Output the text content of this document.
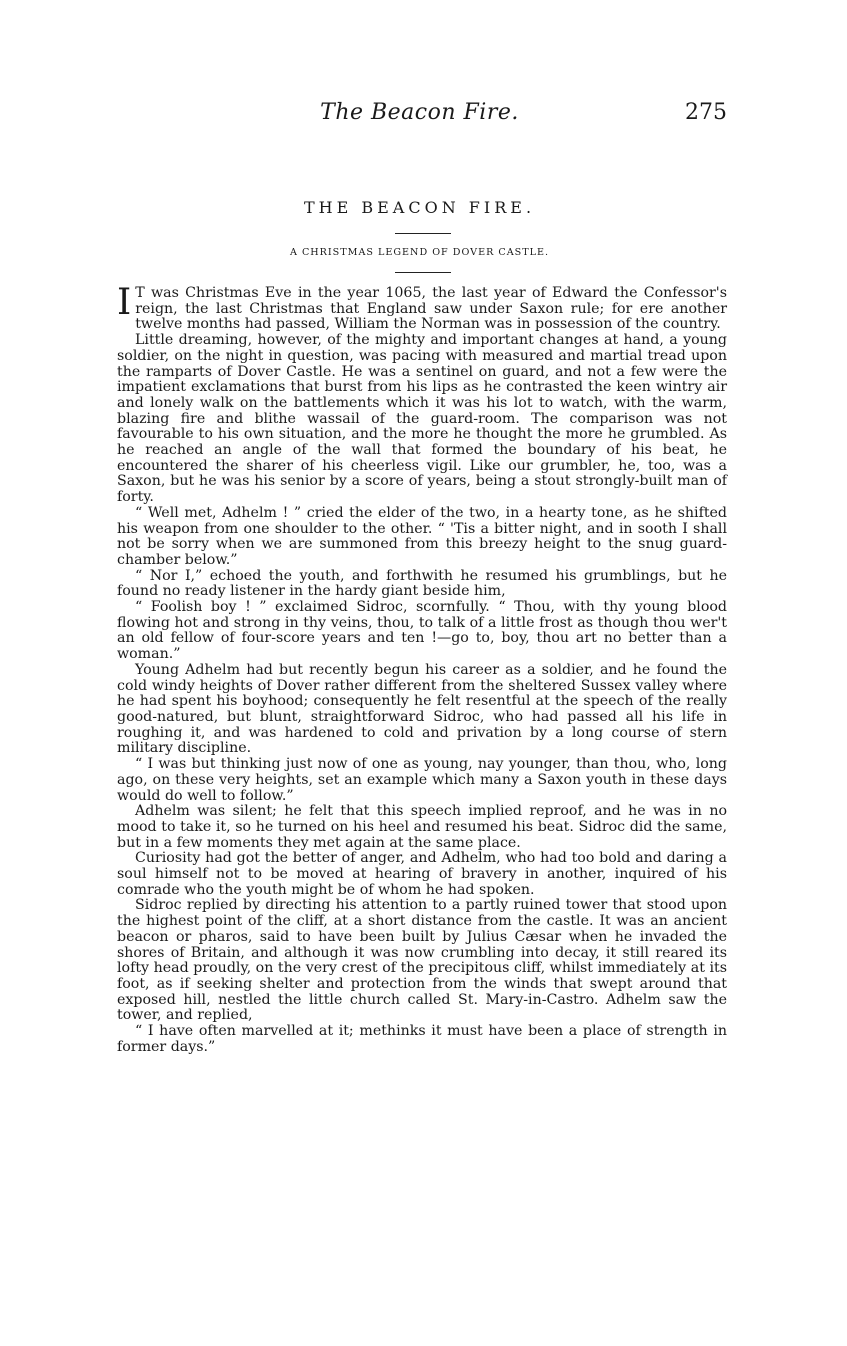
The Beacon Fire.	275
THE BEACON FIRE.
A CHRISTMAS LEGEND OF DOVER CASTLE.

I T was Christmas Eve in the year 1065, the last year of Edward the Confessor's reign, the last Christmas that England saw under Saxon rule; for ere another twelve months had passed, William the Norman was in possession of the country.

Little dreaming, however, of the mighty and important changes at hand, a young soldier, on the night in question, was pacing with measured and martial tread upon the ramparts of Dover Castle. He was a sentinel on guard, and not a few were the impatient exclamations that burst from his lips as he contrasted the keen wintry air and lonely walk on the battlements which it was his lot to watch, with the warm, blazing fire and blithe wassail of the guard-room. The comparison was not favourable to his own situation, and the more he thought the more he grumbled. As he reached an angle of the wall that formed the boundary of his beat, he encountered the sharer of his cheerless vigil. Like our grumbler, he, too, was a Saxon, but he was his senior by a score of years, being a stout strongly-built man of forty.

“ Well met, Adhelm ! ” cried the elder of the two, in a hearty tone, as he shifted his weapon from one shoulder to the other. “ 'Tis a bitter night, and in sooth I shall not be sorry when we are summoned from this breezy height to the snug guard-chamber below.”

“ Nor I,” echoed the youth, and forthwith he resumed his grumblings, but he found no ready listener in the hardy giant beside him,

“ Foolish boy ! ” exclaimed Sidroc, scornfully. “ Thou, with thy young blood flowing hot and strong in thy veins, thou, to talk of a little frost as though thou wer't an old fellow of four-score years and ten !—go to, boy, thou art no better than a woman.”

Young Adhelm had but recently begun his career as a soldier, and he found the cold windy heights of Dover rather different from the sheltered Sussex valley where he had spent his boyhood; consequently he felt resentful at the speech of the really good-natured, but blunt, straightforward Sidroc, who had passed all his life in roughing it, and was hardened to cold and privation by a long course of stern military discipline.

“ I was but thinking just now of one as young, nay younger, than thou, who, long ago, on these very heights, set an example which many a Saxon youth in these days would do well to follow.”

Adhelm was silent; he felt that this speech implied reproof, and he was in no mood to take it, so he turned on his heel and resumed his beat. Sidroc did the same, but in a few moments they met again at the same place.

Curiosity had got the better of anger, and Adhelm, who had too bold and daring a soul himself not to be moved at hearing of bravery in another, inquired of his comrade who the youth might be of whom he had spoken.

Sidroc replied by directing his attention to a partly ruined tower that stood upon the highest point of the cliff, at a short distance from the castle. It was an ancient beacon or pharos, said to have been built by Julius Cæsar when he invaded the shores of Britain, and although it was now crumbling into decay, it still reared its lofty head proudly, on the very crest of the precipitous cliff, whilst immediately at its foot, as if seeking shelter and protection from the winds that swept around that exposed hill, nestled the little church called St. Mary-in-Castro. Adhelm saw the tower, and replied,

“ I have often marvelled at it; methinks it must have been a place of strength in former days.”
